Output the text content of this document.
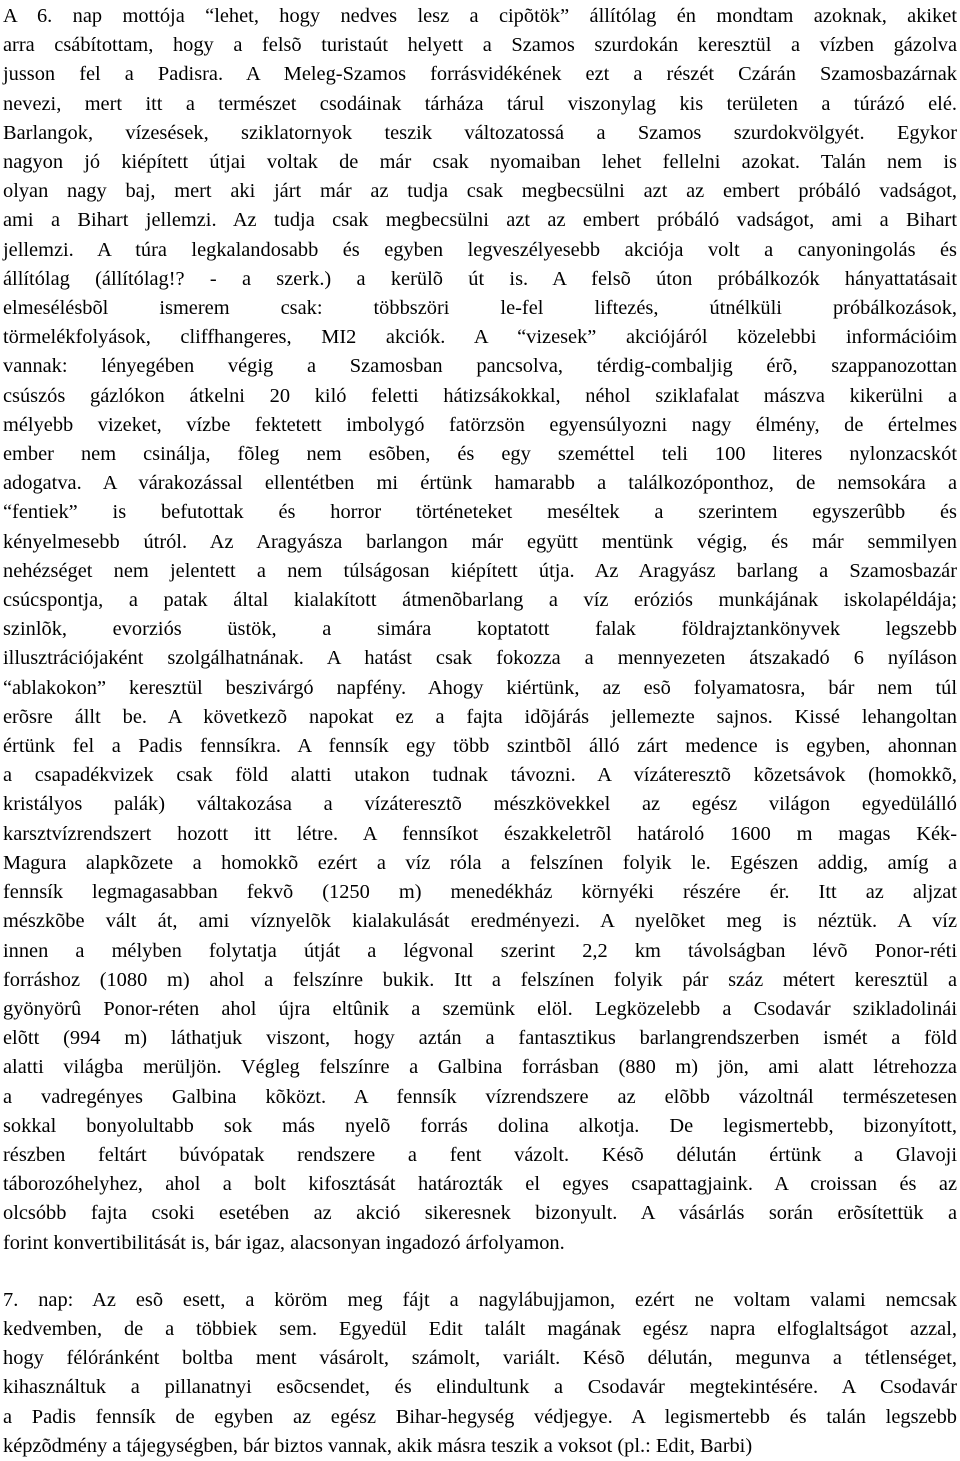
A 6. nap mottója “lehet, hogy nedves lesz a cipõtök” állítólag én mondtam azoknak, akiket
arra csábítottam, hogy a felsõ turistaút helyett a Szamos szurdokán keresztül a vízben gázolva
jusson fel a Padisra. A Meleg-Szamos forrásvidékének ezt a részét Czárán Szamosbazárnak
nevezi, mert itt a természet csodáinak tárháza tárul viszonylag kis területen a túrázó elé.
Barlangok, vízesések, sziklatornyok teszik változatossá a Szamos szurdokvölgyét. Egykor
nagyon jó kiépített útjai voltak de már csak nyomaiban lehet fellelni azokat. Talán nem is
olyan nagy baj, mert aki járt már az tudja csak megbecsülni azt az embert próbáló vadságot,
ami a Bihart jellemzi. Az tudja csak megbecsülni azt az embert próbáló vadságot, ami a Bihart
jellemzi. A túra legkalandosabb és egyben legveszélyesebb akciója volt a canyoningolás és
állítólag (állítólag!? - a szerk.) a kerülõ út is. A felsõ úton próbálkozók hányattatásait
elmesélésbõl ismerem csak: többszöri le-fel liftezés, útnélküli próbálkozások,
törmelékfolyások, cliffhangeres, MI2 akciók. A “vizesek” akciójáról közelebbi információim
vannak: lényegében végig a Szamosban pancsolva, térdig-combaljig érõ, szappanozottan
csúszós gázlókon átkelni 20 kiló feletti hátizsákokkal, néhol sziklafalat mászva kikerülni a
mélyebb vizeket, vízbe fektetett imbolygó fatörzsön egyensúlyozni nagy élmény, de értelmes
ember nem csinálja, fõleg nem esõben, és egy szeméttel teli 100 literes nylonzacskót
adogatva. A várakozással ellentétben mi értünk hamarabb a találkozóponthoz, de nemsokára a
“fentiek” is befutottak és horror történeteket meséltek a szerintem egyszerûbb és
kényelmesebb útról. Az Aragyásza barlangon már együtt mentünk végig, és már semmilyen
nehézséget nem jelentett a nem túlságosan kiépített útja. Az Aragyász barlang a Szamosbazár
csúcspontja, a patak által kialakított átmenõbarlang a víz eróziós munkájának iskolapéldája;
szinlõk, evorziós üstök, a simára koptatott falak földrajztankönyvek legszebb
illusztrációjaként szolgálhatnának. A hatást csak fokozza a mennyezeten átszakadó 6 nyíláson
“ablakokon” keresztül beszivárgó napfény. Ahogy kiértünk, az esõ folyamatosra, bár nem túl
erõsre állt be. A következõ napokat ez a fajta idõjárás jellemezte sajnos. Kissé lehangoltan
értünk fel a Padis fennsíkra. A fennsík egy több szintbõl álló zárt medence is egyben, ahonnan
a csapadékvizek csak föld alatti utakon tudnak távozni. A vízáteresztõ kõzetsávok (homokkõ,
kristályos palák) váltakozása a vízáteresztõ mészkövekkel az egész világon egyedülálló
karsztvízrendszert hozott itt létre. A fennsíkot északkeletrõl határoló 1600 m magas Kék-
Magura alapkõzete a homokkõ ezért a víz róla a felszínen folyik le. Egészen addig, amíg a
fennsík legmagasabban fekvõ (1250 m) menedékház környéki részére ér. Itt az aljzat
mészkõbe vált át, ami víznyelõk kialakulását eredményezi. A nyelõket meg is néztük. A víz
innen a mélyben folytatja útját a légvonal szerint 2,2 km távolságban lévõ Ponor-réti
forráshoz (1080 m) ahol a felszínre bukik. Itt a felszínen folyik pár száz métert keresztül a
gyönyörû Ponor-réten ahol újra eltûnik a szemünk elöl. Legközelebb a Csodavár szikladolinái
elõtt (994 m) láthatjuk viszont, hogy aztán a fantasztikus barlangrendszerben ismét a föld
alatti világba merüljön. Végleg felszínre a Galbina forrásban (880 m) jön, ami alatt létrehozza
a vadregényes Galbina kõközt. A fennsík vízrendszere az elõbb vázoltnál természetesen
sokkal bonyolultabb sok más nyelõ forrás dolina alkotja. De legismertebb, bizonyított,
részben feltárt búvópatak rendszere a fent vázolt. Késõ délután értünk a Glavoji
táborozóhelyhez, ahol a bolt kifosztását határozták el egyes csapattagjaink. A croissan és az
olcsóbb fajta csoki esetében az akció sikeresnek bizonyult. A vásárlás során erõsítettük a
forint konvertibilitását is, bár igaz, alacsonyan ingadozó árfolyamon.
7. nap: Az esõ esett, a köröm meg fájt a nagylábujjamon, ezért ne voltam valami nemcsak
kedvemben, de a többiek sem. Egyedül Edit talált magának egész napra elfoglaltságot azzal,
hogy félóránként boltba ment vásárolt, számolt, variált. Késõ délután, megunva a tétlenséget,
kihasználtuk a pillanatnyi esõcsendet, és elindultunk a Csodavár megtekintésére. A Csodavár
a Padis fennsík de egyben az egész Bihar-hegység védjegye. A legismertebb és talán legszebb
képzõdmény a tájegységben, bár biztos vannak, akik másra teszik a voksot (pl.: Edit, Barbi)
